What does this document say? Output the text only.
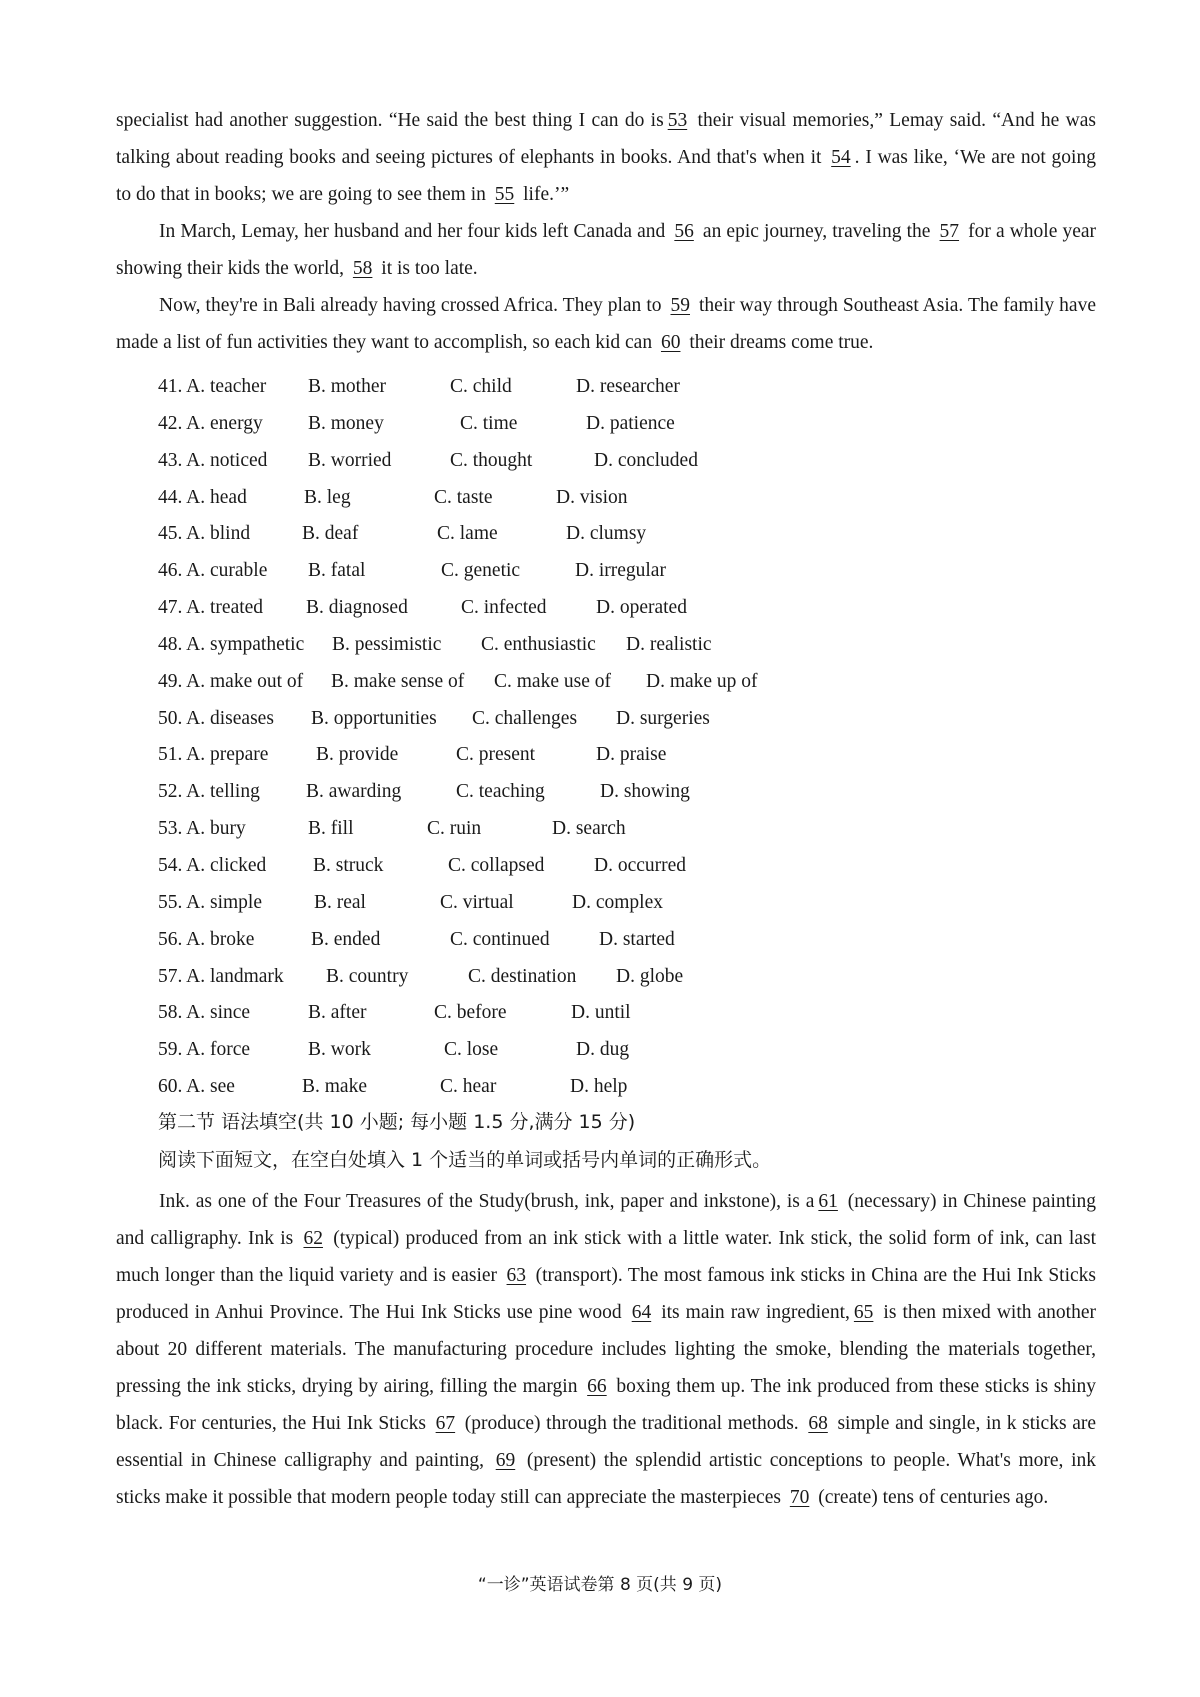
specialist had another suggestion. “He said the best thing I can do is 53 their visual memories,” Lemay said. “And he was talking about reading books and seeing pictures of elephants in books. And that's when it 54 . I was like, ‘We are not going to do that in books; we are going to see them in 55 life.’”

In March, Lemay, her husband and her four kids left Canada and 56 an epic journey, traveling the 57 for a whole year showing their kids the world, 58 it is too late.

Now, they're in Bali already having crossed Africa. They plan to 59 their way through Southeast Asia. The family have made a list of fun activities they want to accomplish, so each kid can 60 their dreams come true.

41. A. teacher B. mother	C. child	D. researcher
42. A. energy B. money	C. time	D. patience
43. A. noticed B. worried	C. thought	D. concluded
44. A. head	B. leg	C. taste	D. vision
45. A. blind	B. deaf	C. lame	D. clumsy
46. A. curable B. fatal	C. genetic	D. irregular
47. A. treated B. diagnosed	C. infected	D. operated
48. A. sympathetic B. pessimistic C. enthusiastic D. realistic
49. A. make out of B. make sense of C. make use of D. make up of
50. A. diseases B. opportunities C. challenges D. surgeries
51. A. prepare B. provide	C. present	D. praise
52. A. telling B. awarding	C. teaching	D. showing
53. A. bury	B. fill	C. ruin	D. search
54. A. clicked B. struck	C. collapsed	D. occurred
55. A. simple	B. real	C. virtual	D. complex
56. A. broke	B. ended	C. continued	D. started
57. A. landmark B. country	C. destination D. globe
58. A. since	B. after	C. before	D. until
59. A. force	B. work	C. lose	D. dug
60. A. see	B. make	C. hear	D. help
第二节 语法填空(共 10 小题; 每小题 1.5 分,满分 15 分)
阅读下面短文，在空白处填入 1 个适当的单词或括号内单词的正确形式。

Ink. as one of the Four Treasures of the Study(brush, ink, paper and inkstone), is a 61 (necessary) in Chinese painting and calligraphy. Ink is 62 (typical) produced from an ink stick with a little water. Ink stick, the solid form of ink, can last much longer than the liquid variety and is easier 63 (transport). The most famous ink sticks in China are the Hui Ink Sticks produced in Anhui Province. The Hui Ink Sticks use pine wood 64 its main raw ingredient, 65 is then mixed with another about 20 different materials. The manufacturing procedure includes lighting the smoke, blending the materials together, pressing the ink sticks, drying by airing, filling the margin 66 boxing them up. The ink produced from these sticks is shiny black. For centuries, the Hui Ink Sticks 67 (produce) through the traditional methods. 68 simple and single, in k sticks are essential in Chinese calligraphy and painting, 69 (present) the splendid artistic conceptions to people. What's more, ink sticks make it possible that modern people today still can appreciate the masterpieces 70 (create) tens of centuries ago.

“一诊”英语试卷第 8 页(共 9 页)
